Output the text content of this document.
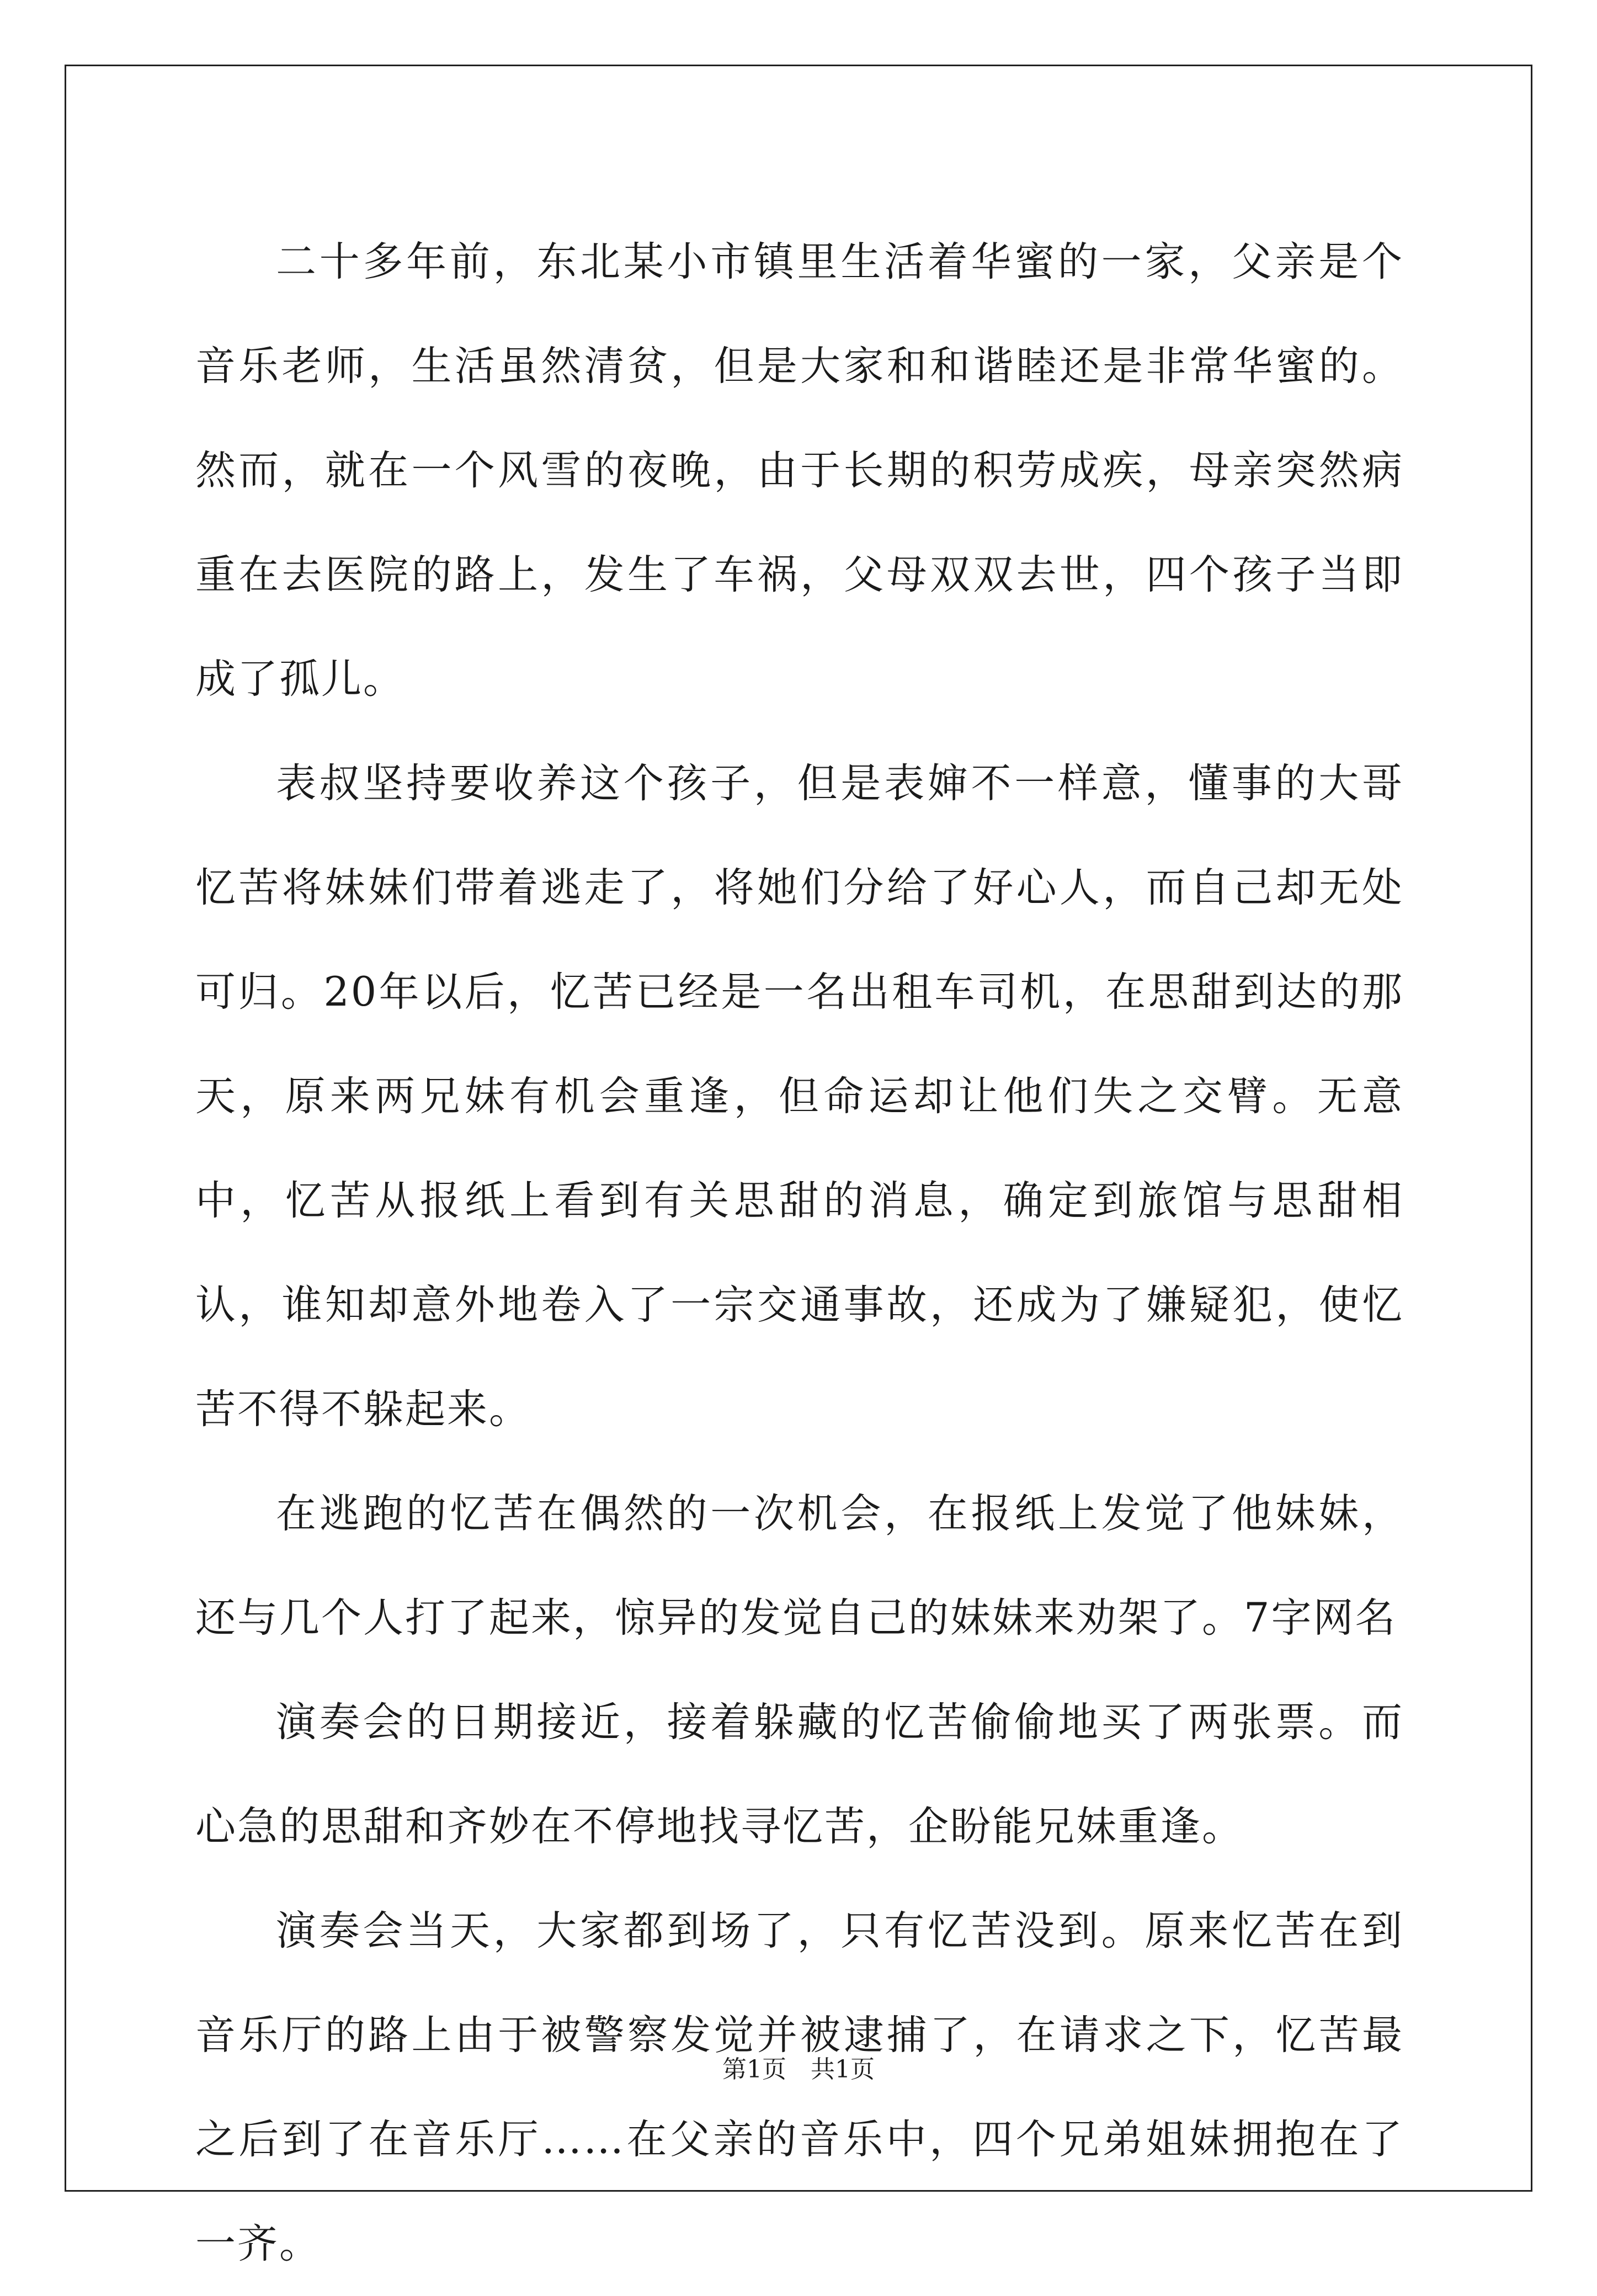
二十多年前，东北某小市镇里生活着华蜜的一家，父亲是个音乐老师，生活虽然清贫，但是大家和和谐睦还是非常华蜜的。然而，就在一个风雪的夜晚，由于长期的积劳成疾，母亲突然病重在去医院的路上，发生了车祸，父母双双去世，四个孩子当即成了孤儿。

表叔坚持要收养这个孩子，但是表婶不一样意，懂事的大哥忆苦将妹妹们带着逃走了，将她们分给了好心人，而自己却无处可归。20年以后，忆苦已经是一名出租车司机，在思甜到达的那天，原来两兄妹有机会重逢，但命运却让他们失之交臂。无意中，忆苦从报纸上看到有关思甜的消息，确定到旅馆与思甜相认，谁知却意外地卷入了一宗交通事故，还成为了嫌疑犯，使忆苦不得不躲起来。

在逃跑的忆苦在偶然的一次机会，在报纸上发觉了他妹妹，还与几个人打了起来，惊异的发觉自己的妹妹来劝架了。7字网名

演奏会的日期接近，接着躲藏的忆苦偷偷地买了两张票。而心急的思甜和齐妙在不停地找寻忆苦，企盼能兄妹重逢。

演奏会当天，大家都到场了，只有忆苦没到。原来忆苦在到音乐厅的路上由于被警察发觉并被逮捕了，在请求之下，忆苦最之后到了在音乐厅……在父亲的音乐中，四个兄弟姐妹拥抱在了一齐。

第1页　共1页
